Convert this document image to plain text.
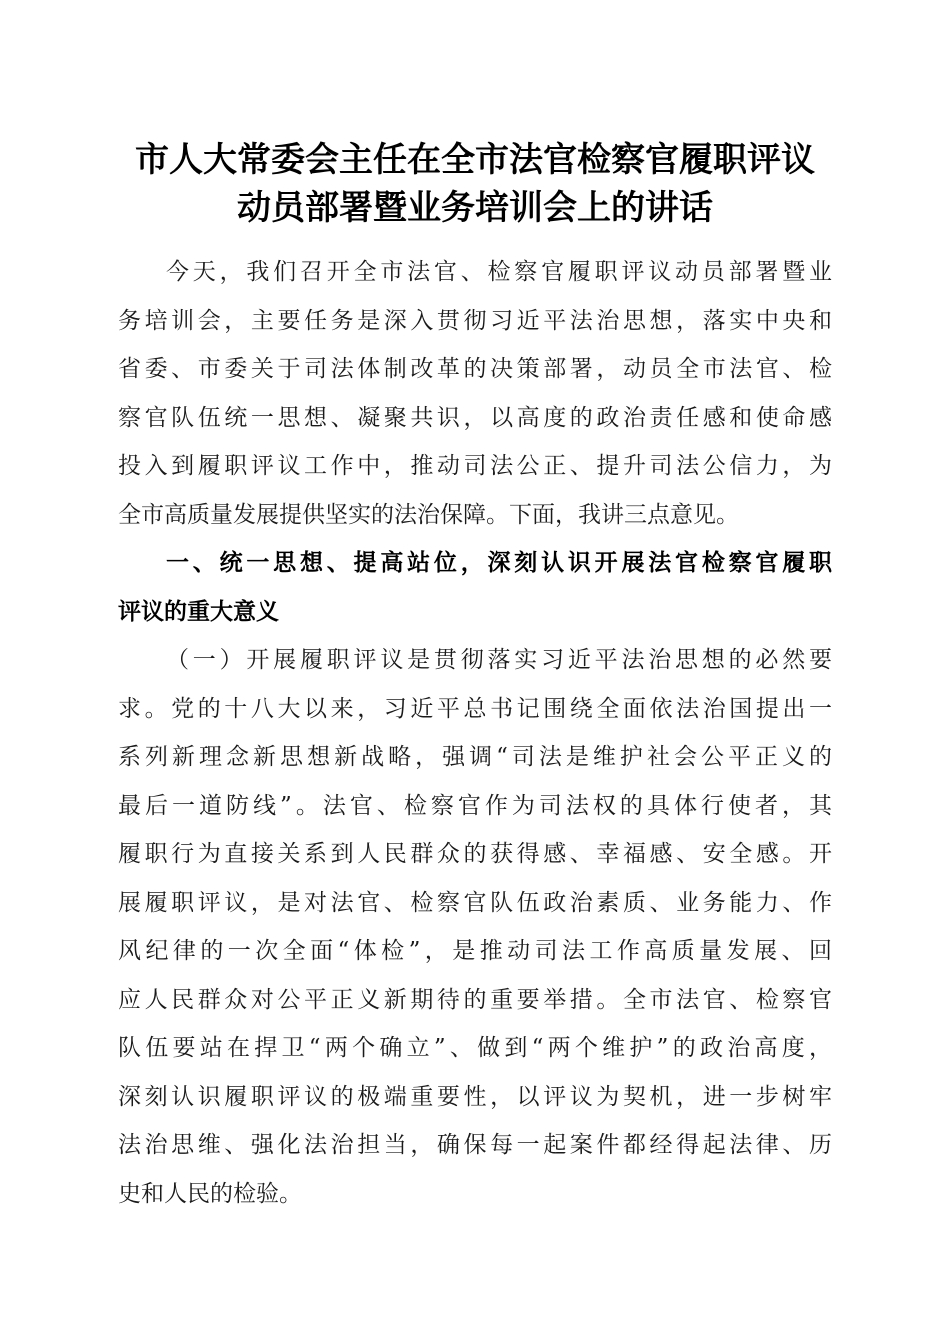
市人大常委会主任在全市法官检察官履职评议
动员部署暨业务培训会上的讲话
今天，我们召开全市法官、检察官履职评议动员部署暨业
务培训会，主要任务是深入贯彻习近平法治思想，落实中央和
省委、市委关于司法体制改革的决策部署，动员全市法官、检
察官队伍统一思想、凝聚共识，以高度的政治责任感和使命感
投入到履职评议工作中，推动司法公正、提升司法公信力，为
全市高质量发展提供坚实的法治保障。下面，我讲三点意见。
一、统一思想、提高站位，深刻认识开展法官检察官履职
评议的重大意义
（一）开展履职评议是贯彻落实习近平法治思想的必然要
求。党的十八大以来，习近平总书记围绕全面依法治国提出一
系列新理念新思想新战略，强调“司法是维护社会公平正义的
最后一道防线”。法官、检察官作为司法权的具体行使者，其
履职行为直接关系到人民群众的获得感、幸福感、安全感。开
展履职评议，是对法官、检察官队伍政治素质、业务能力、作
风纪律的一次全面“体检”，是推动司法工作高质量发展、回
应人民群众对公平正义新期待的重要举措。全市法官、检察官
队伍要站在捍卫“两个确立”、做到“两个维护”的政治高度，
深刻认识履职评议的极端重要性，以评议为契机，进一步树牢
法治思维、强化法治担当，确保每一起案件都经得起法律、历
史和人民的检验。
